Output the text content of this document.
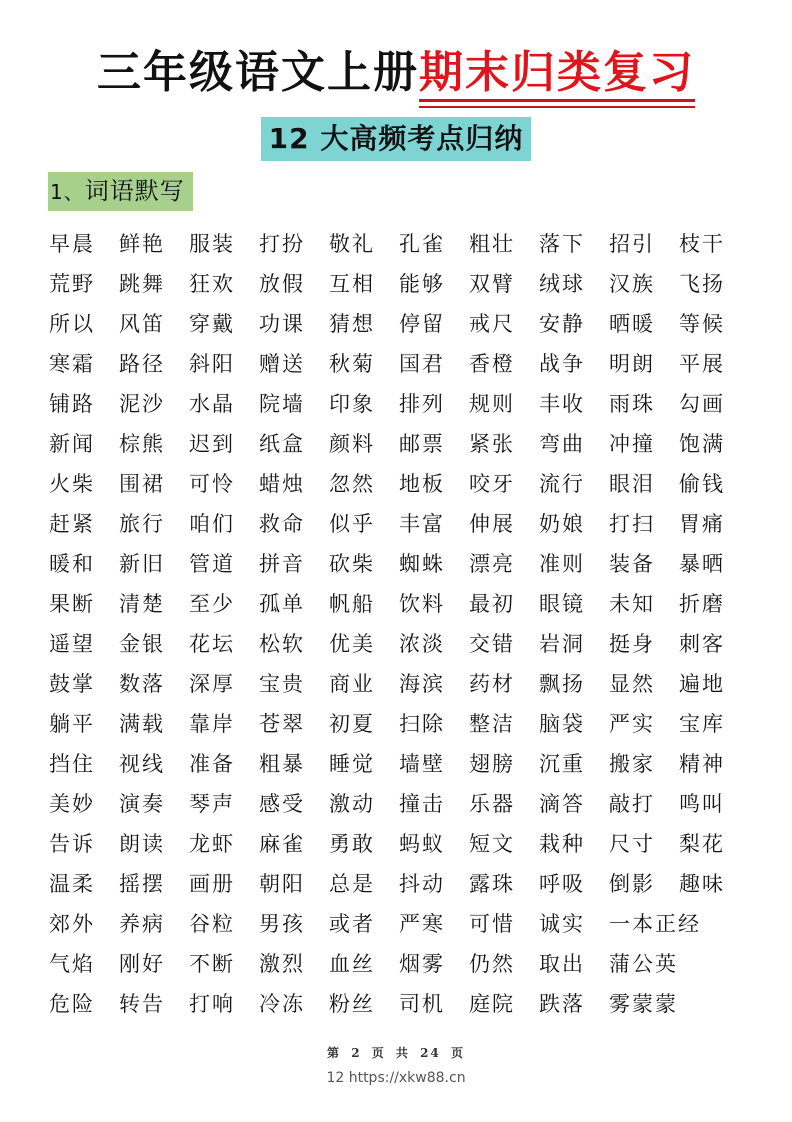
三年级语文上册期末归类复习
12 大高频考点归纳
1、词语默写
早晨	鲜艳	服装	打扮	敬礼	孔雀	粗壮	落下	招引	枝干
荒野	跳舞	狂欢	放假	互相	能够	双臂	绒球	汉族	飞扬
所以	风笛	穿戴	功课	猜想	停留	戒尺	安静	晒暖	等候
寒霜	路径	斜阳	赠送	秋菊	国君	香橙	战争	明朗	平展
铺路	泥沙	水晶	院墙	印象	排列	规则	丰收	雨珠	勾画
新闻	棕熊	迟到	纸盒	颜料	邮票	紧张	弯曲	冲撞	饱满
火柴	围裙	可怜	蜡烛	忽然	地板	咬牙	流行	眼泪	偷钱
赶紧	旅行	咱们	救命	似乎	丰富	伸展	奶娘	打扫	胃痛
暖和	新旧	管道	拼音	砍柴	蜘蛛	漂亮	准则	装备	暴晒
果断	清楚	至少	孤单	帆船	饮料	最初	眼镜	未知	折磨
遥望	金银	花坛	松软	优美	浓淡	交错	岩洞	挺身	刺客
鼓掌	数落	深厚	宝贵	商业	海滨	药材	飘扬	显然	遍地
躺平	满载	靠岸	苍翠	初夏	扫除	整洁	脑袋	严实	宝库
挡住	视线	准备	粗暴	睡觉	墙壁	翅膀	沉重	搬家	精神
美妙	演奏	琴声	感受	激动	撞击	乐器	滴答	敲打	鸣叫
告诉	朗读	龙虾	麻雀	勇敢	蚂蚁	短文	栽种	尺寸	梨花
温柔	摇摆	画册	朝阳	总是	抖动	露珠	呼吸	倒影	趣味
郊外	养病	谷粒	男孩	或者	严寒	可惜	诚实	一本正经
气焰	刚好	不断	激烈	血丝	烟雾	仍然	取出	蒲公英
危险	转告	打响	冷冻	粉丝	司机	庭院	跌落	雾蒙蒙
第 2 页 共 24 页
12 https://xkw88.cn
